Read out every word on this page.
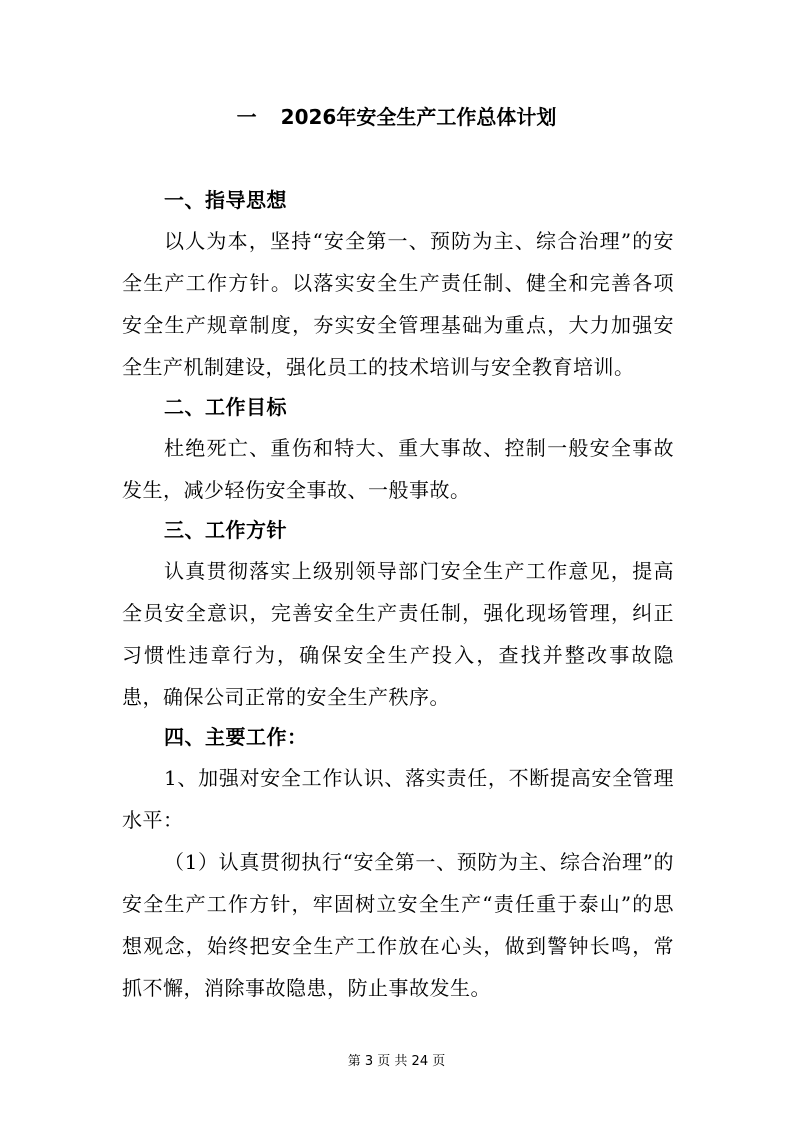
一 2026年安全生产工作总体计划
一、指导思想

以人为本，坚持“安全第一、预防为主、综合治理”的安全生产工作方针。以落实安全生产责任制、健全和完善各项安全生产规章制度，夯实安全管理基础为重点，大力加强安全生产机制建设，强化员工的技术培训与安全教育培训。

二、工作目标

杜绝死亡、重伤和特大、重大事故、控制一般安全事故发生，减少轻伤安全事故、一般事故。

三、工作方针

认真贯彻落实上级别领导部门安全生产工作意见，提高全员安全意识，完善安全生产责任制，强化现场管理，纠正习惯性违章行为，确保安全生产投入，查找并整改事故隐患，确保公司正常的安全生产秩序。

四、主要工作：

1、加强对安全工作认识、落实责任，不断提高安全管理水平：

（1）认真贯彻执行“安全第一、预防为主、综合治理”的安全生产工作方针，牢固树立安全生产“责任重于泰山”的思想观念，始终把安全生产工作放在心头，做到警钟长鸣，常抓不懈，消除事故隐患，防止事故发生。

第 3 页 共 24 页
